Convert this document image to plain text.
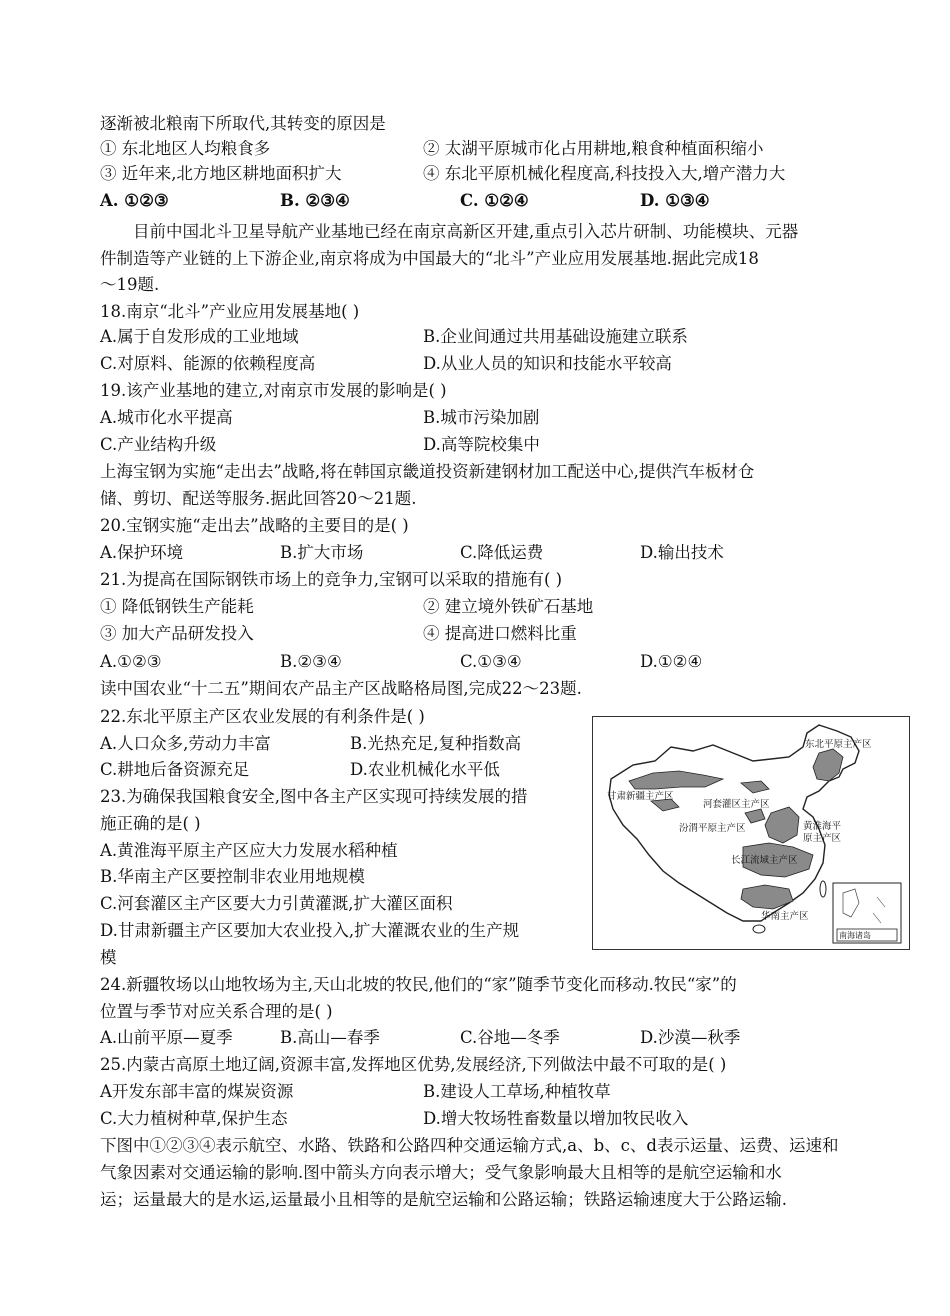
逐渐被北粮南下所取代,其转变的原因是
① 东北地区人均粮食多	② 太湖平原城市化占用耕地,粮食种植面积缩小
③ 近年来,北方地区耕地面积扩大	④ 东北平原机械化程度高,科技投入大,增产潜力大
A. ①②③	B. ②③④	C. ①②④	D. ①③④
目前中国北斗卫星导航产业基地已经在南京高新区开建,重点引入芯片研制、功能模块、元器
件制造等产业链的上下游企业,南京将成为中国最大的“北斗”产业应用发展基地.据此完成18
～19题.
18.南京“北斗”产业应用发展基地( )
A.属于自发形成的工业地域	B.企业间通过共用基础设施建立联系
C.对原料、能源的依赖程度高	D.从业人员的知识和技能水平较高
19.该产业基地的建立,对南京市发展的影响是( )
A.城市化水平提高	B.城市污染加剧
C.产业结构升级	D.高等院校集中
上海宝钢为实施“走出去”战略,将在韩国京畿道投资新建钢材加工配送中心,提供汽车板材仓
储、剪切、配送等服务.据此回答20～21题.
20.宝钢实施“走出去”战略的主要目的是( )
A.保护环境	B.扩大市场	C.降低运费	D.输出技术
21.为提高在国际钢铁市场上的竞争力,宝钢可以采取的措施有( )
① 降低钢铁生产能耗	② 建立境外铁矿石基地
③ 加大产品研发投入	④ 提高进口燃料比重
A.①②③	B.②③④	C.①③④	D.①②④
读中国农业“十二五”期间农产品主产区战略格局图,完成22～23题.
22.东北平原主产区农业发展的有利条件是( )
A.人口众多,劳动力丰富	B.光热充足,复种指数高
C.耕地后备资源充足	D.农业机械化水平低
23.为确保我国粮食安全,图中各主产区实现可持续发展的措
施正确的是( )
A.黄淮海平原主产区应大力发展水稻种植
B.华南主产区要控制非农业用地规模
C.河套灌区主产区要大力引黄灌溉,扩大灌区面积
D.甘肃新疆主产区要加大农业投入,扩大灌溉农业的生产规
模
24.新疆牧场以山地牧场为主,天山北坡的牧民,他们的“家”随季节变化而移动.牧民“家”的
位置与季节对应关系合理的是( )
A.山前平原—夏季	B.高山—春季	C.谷地—冬季	D.沙漠—秋季
25.内蒙古高原土地辽阔,资源丰富,发挥地区优势,发展经济,下列做法中最不可取的是( )
A开发东部丰富的煤炭资源	B.建设人工草场,种植牧草
C.大力植树种草,保护生态	D.增大牧场牲畜数量以增加牧民收入
下图中①②③④表示航空、水路、铁路和公路四种交通运输方式,a、b、c、d表示运量、运费、运速和
气象因素对交通运输的影响.图中箭头方向表示增大；受气象影响最大且相等的是航空运输和水
运；运量最大的是水运,运量最小且相等的是航空运输和公路运输；铁路运输速度大于公路运输.
南海诸岛
东北平原主产区
甘肃新疆主产区
河套灌区主产区
汾渭平原主产区	黄淮海平
原主产区
长江流域主产区
华南主产区
